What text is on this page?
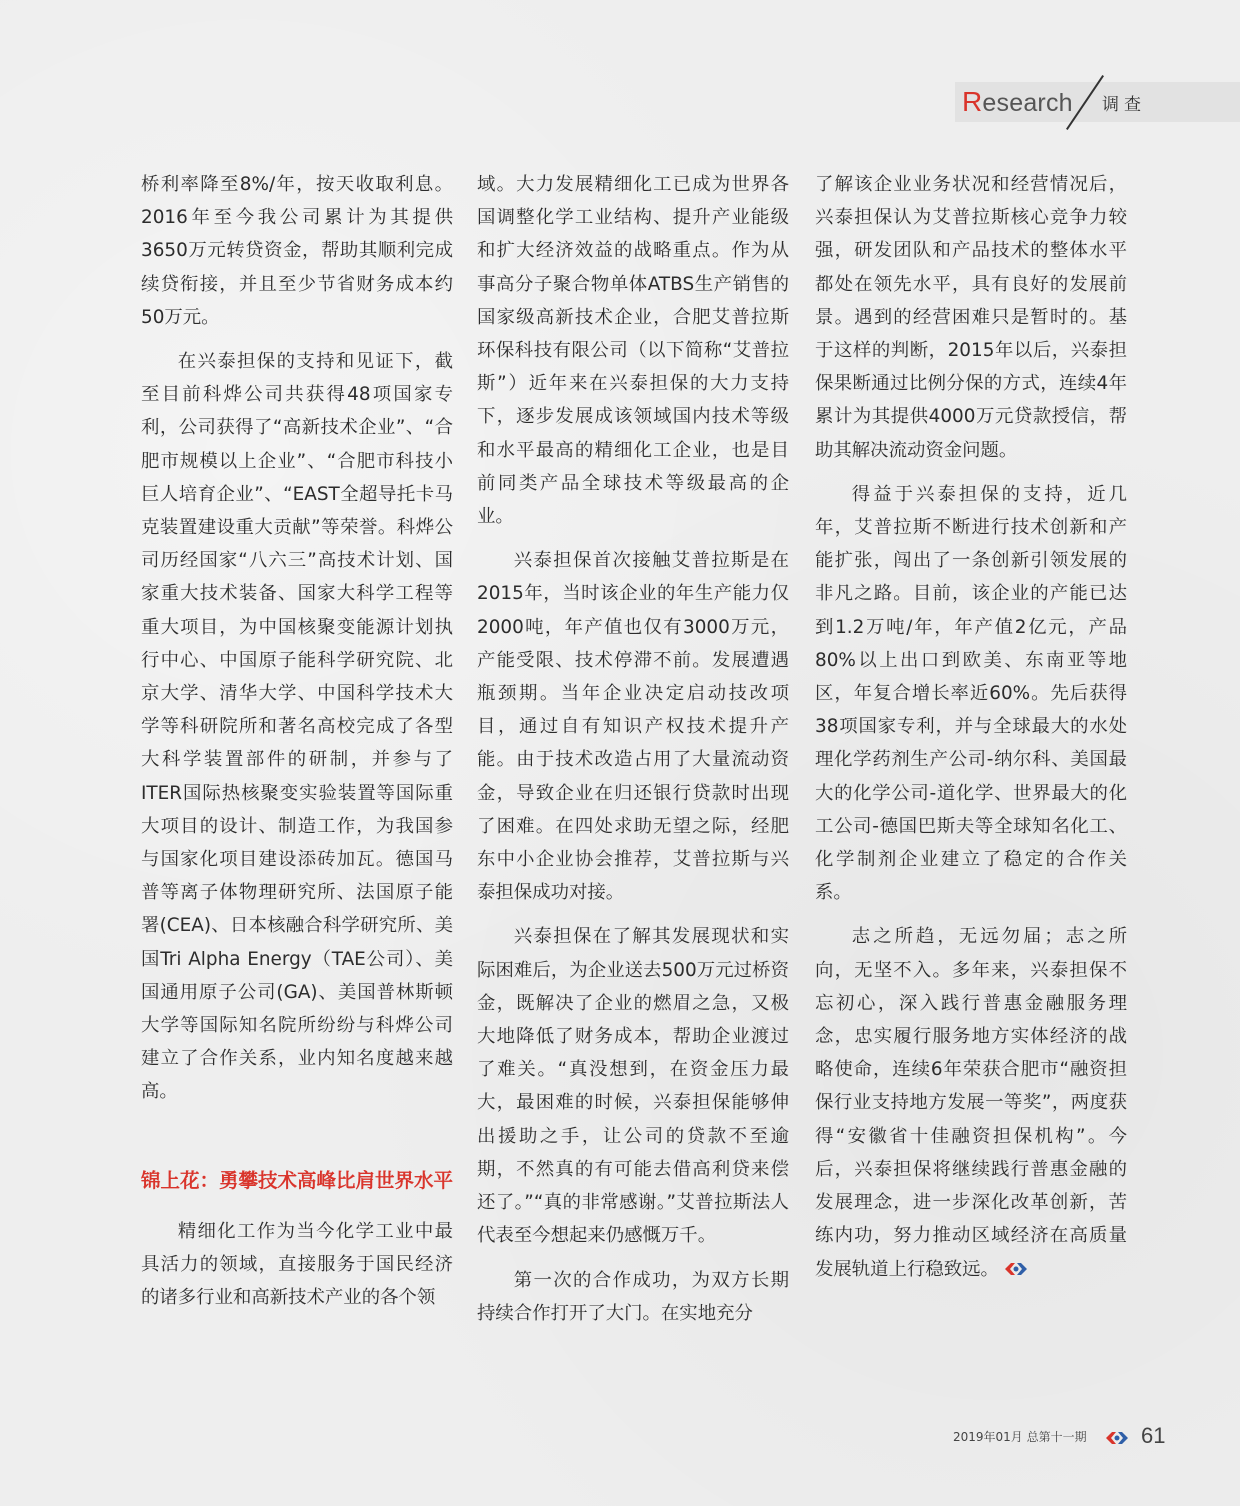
Research 调查

桥利率降至8%/年，按天收取利息。2016年至今我公司累计为其提供3650万元转贷资金，帮助其顺利完成续贷衔接，并且至少节省财务成本约50万元。

在兴泰担保的支持和见证下，截至目前科烨公司共获得48项国家专利，公司获得了“高新技术企业”、“合肥市规模以上企业”、“合肥市科技小巨人培育企业”、“EAST全超导托卡马克装置建设重大贡献”等荣誉。科烨公司历经国家“八六三”高技术计划、国家重大技术装备、国家大科学工程等重大项目，为中国核聚变能源计划执行中心、中国原子能科学研究院、北京大学、清华大学、中国科学技术大学等科研院所和著名高校完成了各型大科学装置部件的研制，并参与了ITER国际热核聚变实验装置等国际重大项目的设计、制造工作，为我国参与国家化项目建设添砖加瓦。德国马普等离子体物理研究所、法国原子能署(CEA)、日本核融合科学研究所、美国Tri Alpha Energy（TAE公司）、美国通用原子公司(GA)、美国普林斯顿大学等国际知名院所纷纷与科烨公司建立了合作关系，业内知名度越来越高。

锦上花：勇攀技术高峰比肩世界水平

精细化工作为当今化学工业中最具活力的领域，直接服务于国民经济的诸多行业和高新技术产业的各个领

域。大力发展精细化工已成为世界各国调整化学工业结构、提升产业能级和扩大经济效益的战略重点。作为从事高分子聚合物单体ATBS生产销售的国家级高新技术企业，合肥艾普拉斯环保科技有限公司（以下简称“艾普拉斯”）近年来在兴泰担保的大力支持下，逐步发展成该领域国内技术等级和水平最高的精细化工企业，也是目前同类产品全球技术等级最高的企业。

兴泰担保首次接触艾普拉斯是在2015年，当时该企业的年生产能力仅2000吨，年产值也仅有3000万元，产能受限、技术停滞不前。发展遭遇瓶颈期。当年企业决定启动技改项目，通过自有知识产权技术提升产能。由于技术改造占用了大量流动资金，导致企业在归还银行贷款时出现了困难。在四处求助无望之际，经肥东中小企业协会推荐，艾普拉斯与兴泰担保成功对接。

兴泰担保在了解其发展现状和实际困难后，为企业送去500万元过桥资金，既解决了企业的燃眉之急，又极大地降低了财务成本，帮助企业渡过了难关。“真没想到，在资金压力最大，最困难的时候，兴泰担保能够伸出援助之手，让公司的贷款不至逾期，不然真的有可能去借高利贷来偿还了。”“真的非常感谢。”艾普拉斯法人代表至今想起来仍感慨万千。

第一次的合作成功，为双方长期持续合作打开了大门。在实地充分

了解该企业业务状况和经营情况后，兴泰担保认为艾普拉斯核心竞争力较强，研发团队和产品技术的整体水平都处在领先水平，具有良好的发展前景。遇到的经营困难只是暂时的。基于这样的判断，2015年以后，兴泰担保果断通过比例分保的方式，连续4年累计为其提供4000万元贷款授信，帮助其解决流动资金问题。

得益于兴泰担保的支持，近几年，艾普拉斯不断进行技术创新和产能扩张，闯出了一条创新引领发展的非凡之路。目前，该企业的产能已达到1.2万吨/年，年产值2亿元，产品80%以上出口到欧美、东南亚等地区，年复合增长率近60%。先后获得38项国家专利，并与全球最大的水处理化学药剂生产公司-纳尔科、美国最大的化学公司-道化学、世界最大的化工公司-德国巴斯夫等全球知名化工、化学制剂企业建立了稳定的合作关系。

志之所趋，无远勿届；志之所向，无坚不入。多年来，兴泰担保不忘初心，深入践行普惠金融服务理念，忠实履行服务地方实体经济的战略使命，连续6年荣获合肥市“融资担保行业支持地方发展一等奖”，两度获得“安徽省十佳融资担保机构”。今后，兴泰担保将继续践行普惠金融的发展理念，进一步深化改革创新，苦练内功，努力推动区域经济在高质量发展轨道上行稳致远。

2019年01月 总第十一期 61
